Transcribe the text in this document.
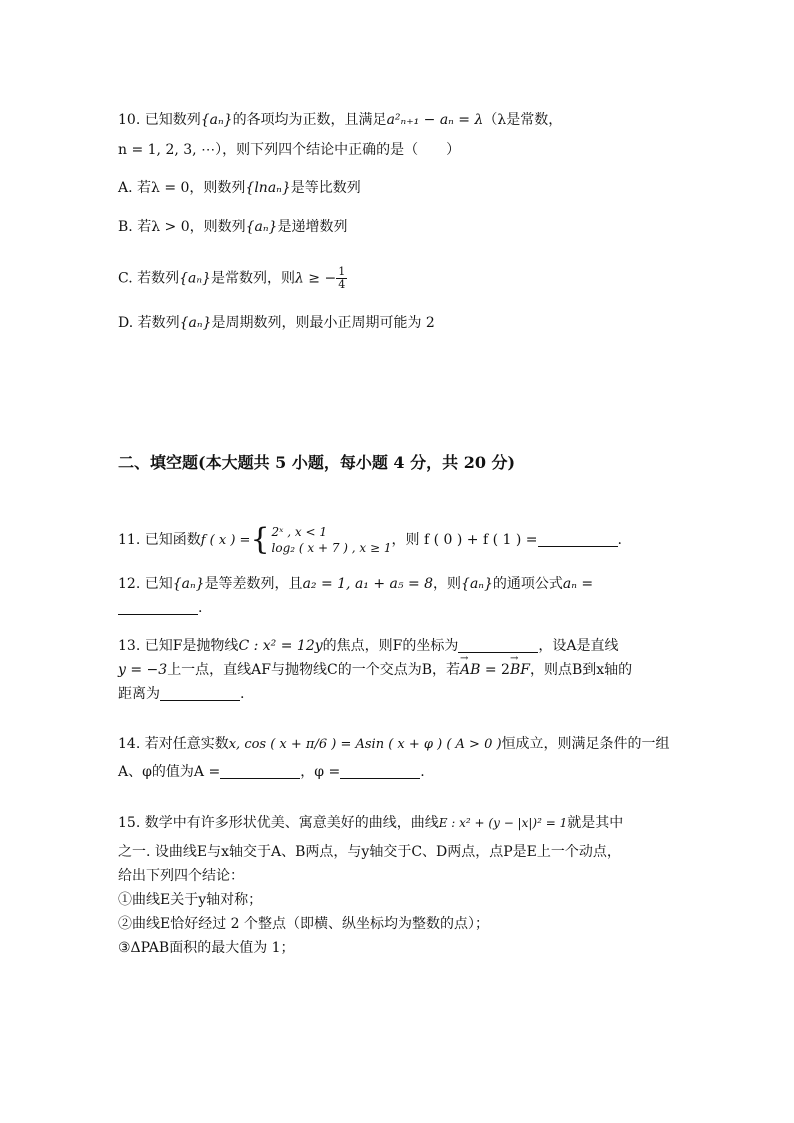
10. 已知数列{aₙ}的各项均为正数，且满足a²ₙ₊₁ − aₙ = λ（λ是常数，
n = 1, 2, 3, ⋯），则下列四个结论中正确的是（　　）
A. 若λ = 0，则数列{lnaₙ}是等比数列
B. 若λ > 0，则数列{aₙ}是递增数列
C. 若数列{aₙ}是常数列，则λ ≥ − $\frac{1}{4}$
D. 若数列{aₙ}是周期数列，则最小正周期可能为 2
二、填空题(本大题共 5 小题，每小题 4 分，共 20 分)
11. 已知函数f ( x ) ={ 2ˣ , x < 1
log₂ ( x + 7 ) , x ≥ 1 ，则 f ( 0 ) + f ( 1 ) =	.
12. 已知{aₙ}是等差数列，且a₂ = 1, a₁ + a₅ = 8，则{aₙ}的通项公式aₙ =
.
13. 已知F是抛物线C : x² = 12y的焦点，则F的坐标为	，设A是直线
y = −3上一点，直线AF与抛物线C的一个交点为B，若→ AB = 2→ BF，则点B到x轴的
距离为	.
14. 若对任意实数x, cos ( x + π/6 ) = Asin ( x + φ ) ( A > 0 )恒成立，则满足条件的一组
A、φ的值为A =	，φ =	.
15. 数学中有许多形状优美、寓意美好的曲线，曲线E : x² + (y − |x|)² = 1就是其中
之一. 设曲线E与x轴交于A、B两点，与y轴交于C、D两点，点P是E上一个动点，
给出下列四个结论：
①曲线E关于y轴对称；
②曲线E恰好经过 2 个整点（即横、纵坐标均为整数的点）；
③ΔPAB面积的最大值为 1；
